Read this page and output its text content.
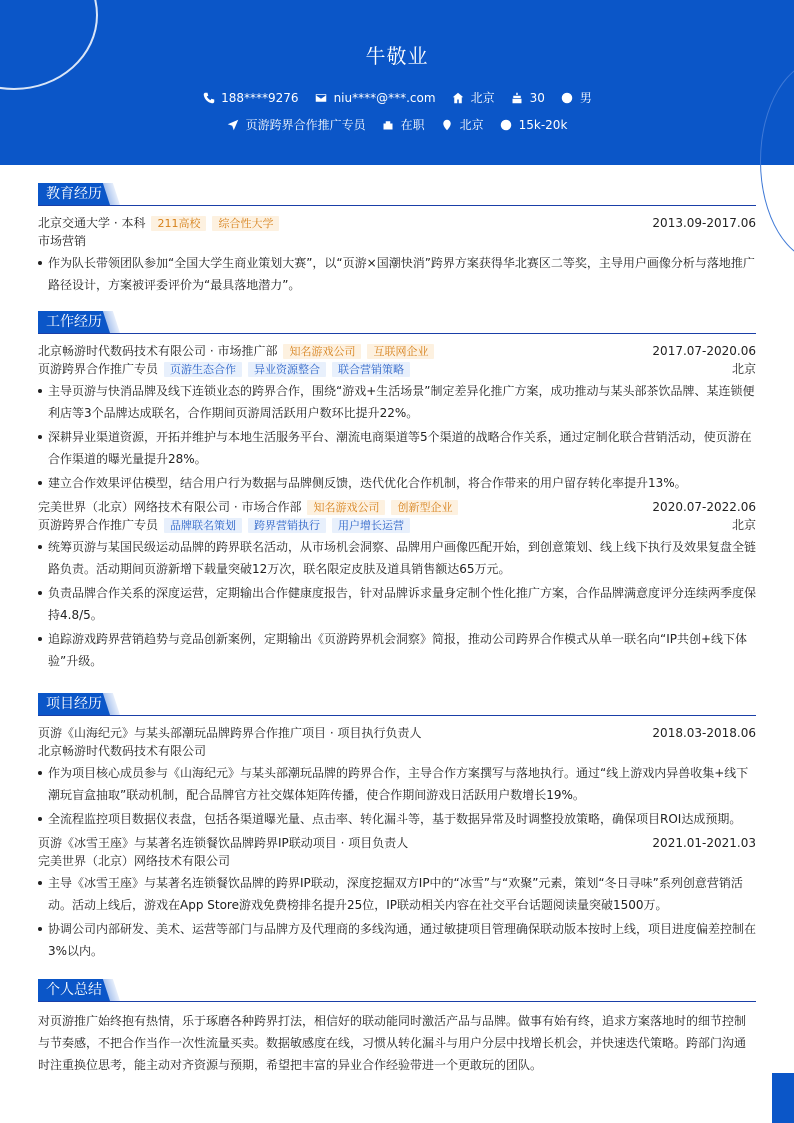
牛敬业
188****9276	niu****@***.com	北京	30	男
页游跨界合作推广专员	在职	北京	15k-20k
教育经历
北京交通大学 · 本科	211高校	综合性大学	2013.09-2017.06
市场营销
作为队长带领团队参加“全国大学生商业策划大赛”，以“页游×国潮快消”跨界方案获得华北赛区二等奖，主导用户画像分析与落地推广路径设计，方案被评委评价为“最具落地潜力”。
工作经历
北京畅游时代数码技术有限公司 · 市场推广部	知名游戏公司	互联网企业	2017.07-2020.06
页游跨界合作推广专员	页游生态合作	异业资源整合	联合营销策略	北京
主导页游与快消品牌及线下连锁业态的跨界合作，围绕“游戏+生活场景”制定差异化推广方案，成功推动与某头部茶饮品牌、某连锁便利店等3个品牌达成联名，合作期间页游周活跃用户数环比提升22%。
深耕异业渠道资源，开拓并维护与本地生活服务平台、潮流电商渠道等5个渠道的战略合作关系，通过定制化联合营销活动，使页游在合作渠道的曝光量提升28%。
建立合作效果评估模型，结合用户行为数据与品牌侧反馈，迭代优化合作机制，将合作带来的用户留存转化率提升13%。
完美世界（北京）网络技术有限公司 · 市场合作部	知名游戏公司	创新型企业	2020.07-2022.06
页游跨界合作推广专员	品牌联名策划	跨界营销执行	用户增长运营	北京
统筹页游与某国民级运动品牌的跨界联名活动，从市场机会洞察、品牌用户画像匹配开始，到创意策划、线上线下执行及效果复盘全链路负责。活动期间页游新增下载量突破12万次，联名限定皮肤及道具销售额达65万元。
负责品牌合作关系的深度运营，定期输出合作健康度报告，针对品牌诉求量身定制个性化推广方案，合作品牌满意度评分连续两季度保持4.8/5。
追踪游戏跨界营销趋势与竞品创新案例，定期输出《页游跨界机会洞察》简报，推动公司跨界合作模式从单一联名向“IP共创+线下体验”升级。
项目经历
页游《山海纪元》与某头部潮玩品牌跨界合作推广项目 · 项目执行负责人	2018.03-2018.06
北京畅游时代数码技术有限公司
作为项目核心成员参与《山海纪元》与某头部潮玩品牌的跨界合作，主导合作方案撰写与落地执行。通过“线上游戏内异兽收集+线下潮玩盲盒抽取”联动机制，配合品牌官方社交媒体矩阵传播，使合作期间游戏日活跃用户数增长19%。
全流程监控项目数据仪表盘，包括各渠道曝光量、点击率、转化漏斗等，基于数据异常及时调整投放策略，确保项目ROI达成预期。
页游《冰雪王座》与某著名连锁餐饮品牌跨界IP联动项目 · 项目负责人	2021.01-2021.03
完美世界（北京）网络技术有限公司
主导《冰雪王座》与某著名连锁餐饮品牌的跨界IP联动，深度挖掘双方IP中的“冰雪”与“欢聚”元素，策划“冬日寻味”系列创意营销活动。活动上线后，游戏在App Store游戏免费榜排名提升25位，IP联动相关内容在社交平台话题阅读量突破1500万。
协调公司内部研发、美术、运营等部门与品牌方及代理商的多线沟通，通过敏捷项目管理确保联动版本按时上线，项目进度偏差控制在3%以内。
个人总结
对页游推广始终抱有热情，乐于琢磨各种跨界打法，相信好的联动能同时激活产品与品牌。做事有始有终，追求方案落地时的细节控制与节奏感，不把合作当作一次性流量买卖。数据敏感度在线，习惯从转化漏斗与用户分层中找增长机会，并快速迭代策略。跨部门沟通时注重换位思考，能主动对齐资源与预期，希望把丰富的异业合作经验带进一个更敢玩的团队。
